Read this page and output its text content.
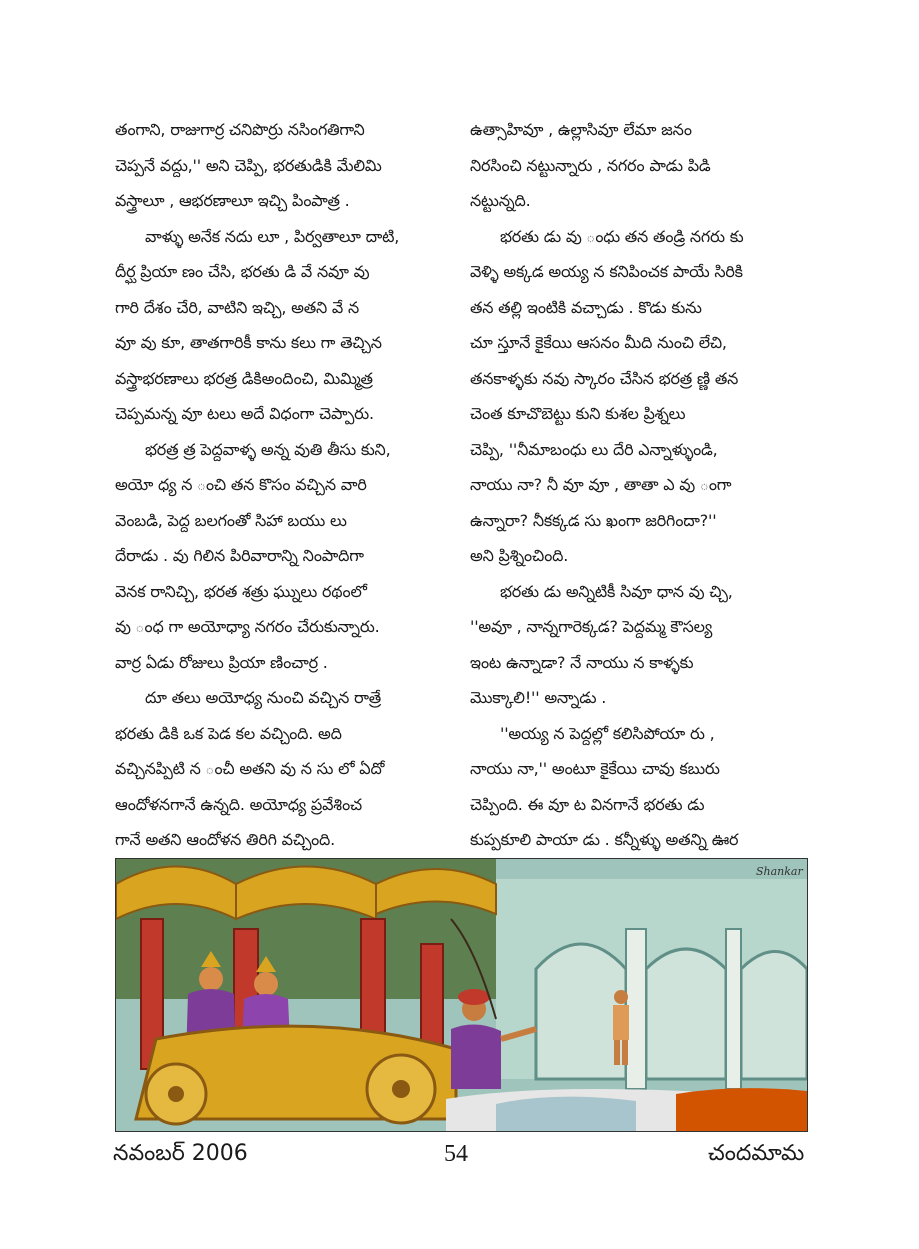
తంగాని, రాజుగార్ర చనిపొర్రు నసింగతిగాని
చెప్పనే వద్దు,'' అని చెప్పి, భరతుడికి మేలిమి
వస్త్రాలూ , ఆభరణాలూ ఇచ్చి పింపాత్ర .
వాళ్ళు అనేక నదు లూ , పిర్వతాలూ దాటి,
దీర్ఘ ప్రియా ణం చేసి, భరతు డి వే నవూ వు
గారి దేశం చేరి, వాటిని ఇచ్చి, అతని వే న
వూ వు కూ, తాతగారికీ కాను కలు గా తెచ్చిన
వస్త్రాభరణాలు భరత్ర డికిఅందించి, మిమ్మిత్ర
చెప్పమన్న వూ టలు అదే విధంగా చెప్పారు.
భరత్ర త్ర పెద్దవాళ్ళ అన్న వుతి తీసు కుని,
అయో ధ్య న ంచి తన కొసం వచ్చిన వారి
వెంబడి, పెద్ద బలగంతో సిహా బయు లు
దేరాడు . వు గిలిన పిరివారాన్ని నింపాదిగా
వెనక రానిచ్చి, భరత శత్రు ఘ్నులు రథంలో
వు ంధ గా అయోధ్యా నగరం చేరుకున్నారు.
వార్ర ఏడు రోజులు ప్రియా ణించార్ర .
దూ తలు అయోధ్య నుంచి వచ్చిన రాత్రే
భరతు డికి ఒక పెడ కల వచ్చింది. అది
వచ్చినప్పిటి న ంచీ అతని వు న సు లో ఏదో
ఆందోళనగానే ఉన్నది. అయోధ్య ప్రవేశించ
గానే అతని ఆందోళన తిరిగి వచ్చింది.
ఉత్సాహివూ , ఉల్లాసివూ లేమా జనం
నిరసించి నట్టున్నారు , నగరం పాడు పిడి
నట్టున్నది.
భరతు డు వు ంధు తన తండ్రి నగరు కు
వెళ్ళి అక్కడ అయ్య న కనిపించక పాయే సిరికి
తన తల్లి ఇంటికి వచ్చాడు . కొడు కును
చూ స్తూనే కైకేయి ఆసనం మీది నుంచి లేచి,
తనకాళ్ళకు నవు స్కారం చేసిన భరత్ర ణ్ణి తన
చెంత కూచొబెట్టు కుని కుశల ప్రిశ్నలు
చెప్పి, ''నీమాబంధు లు దేరి ఎన్నాళ్ళుండి,
నాయు నా? నీ వూ వూ , తాతా ఎ వు ంగా
ఉన్నారా? నీకక్కడ సు ఖంగా జరిగిందా?''
అని ప్రిశ్నించింది.
భరతు డు అన్నిటికీ సివూ ధాన వు చ్చి,
''అవూ , నాన్నగారెక్కడ? పెద్దమ్మ కౌసల్య
ఇంట ఉన్నాడా? నే నాయు న కాళ్ళకు
మొక్కాలి!'' అన్నాడు .
''అయ్య న పెద్దల్లో కలిసిపోయా రు ,
నాయు నా,'' అంటూ కైకేయి చావు కబురు
చెప్పింది. ఈ వూ ట వినగానే భరతు డు
కుప్పకూలి పాయా డు . కన్నీళ్ళు అతన్ని ఊర
Shankar
నవంబర్ 2006	54	చందమామ
